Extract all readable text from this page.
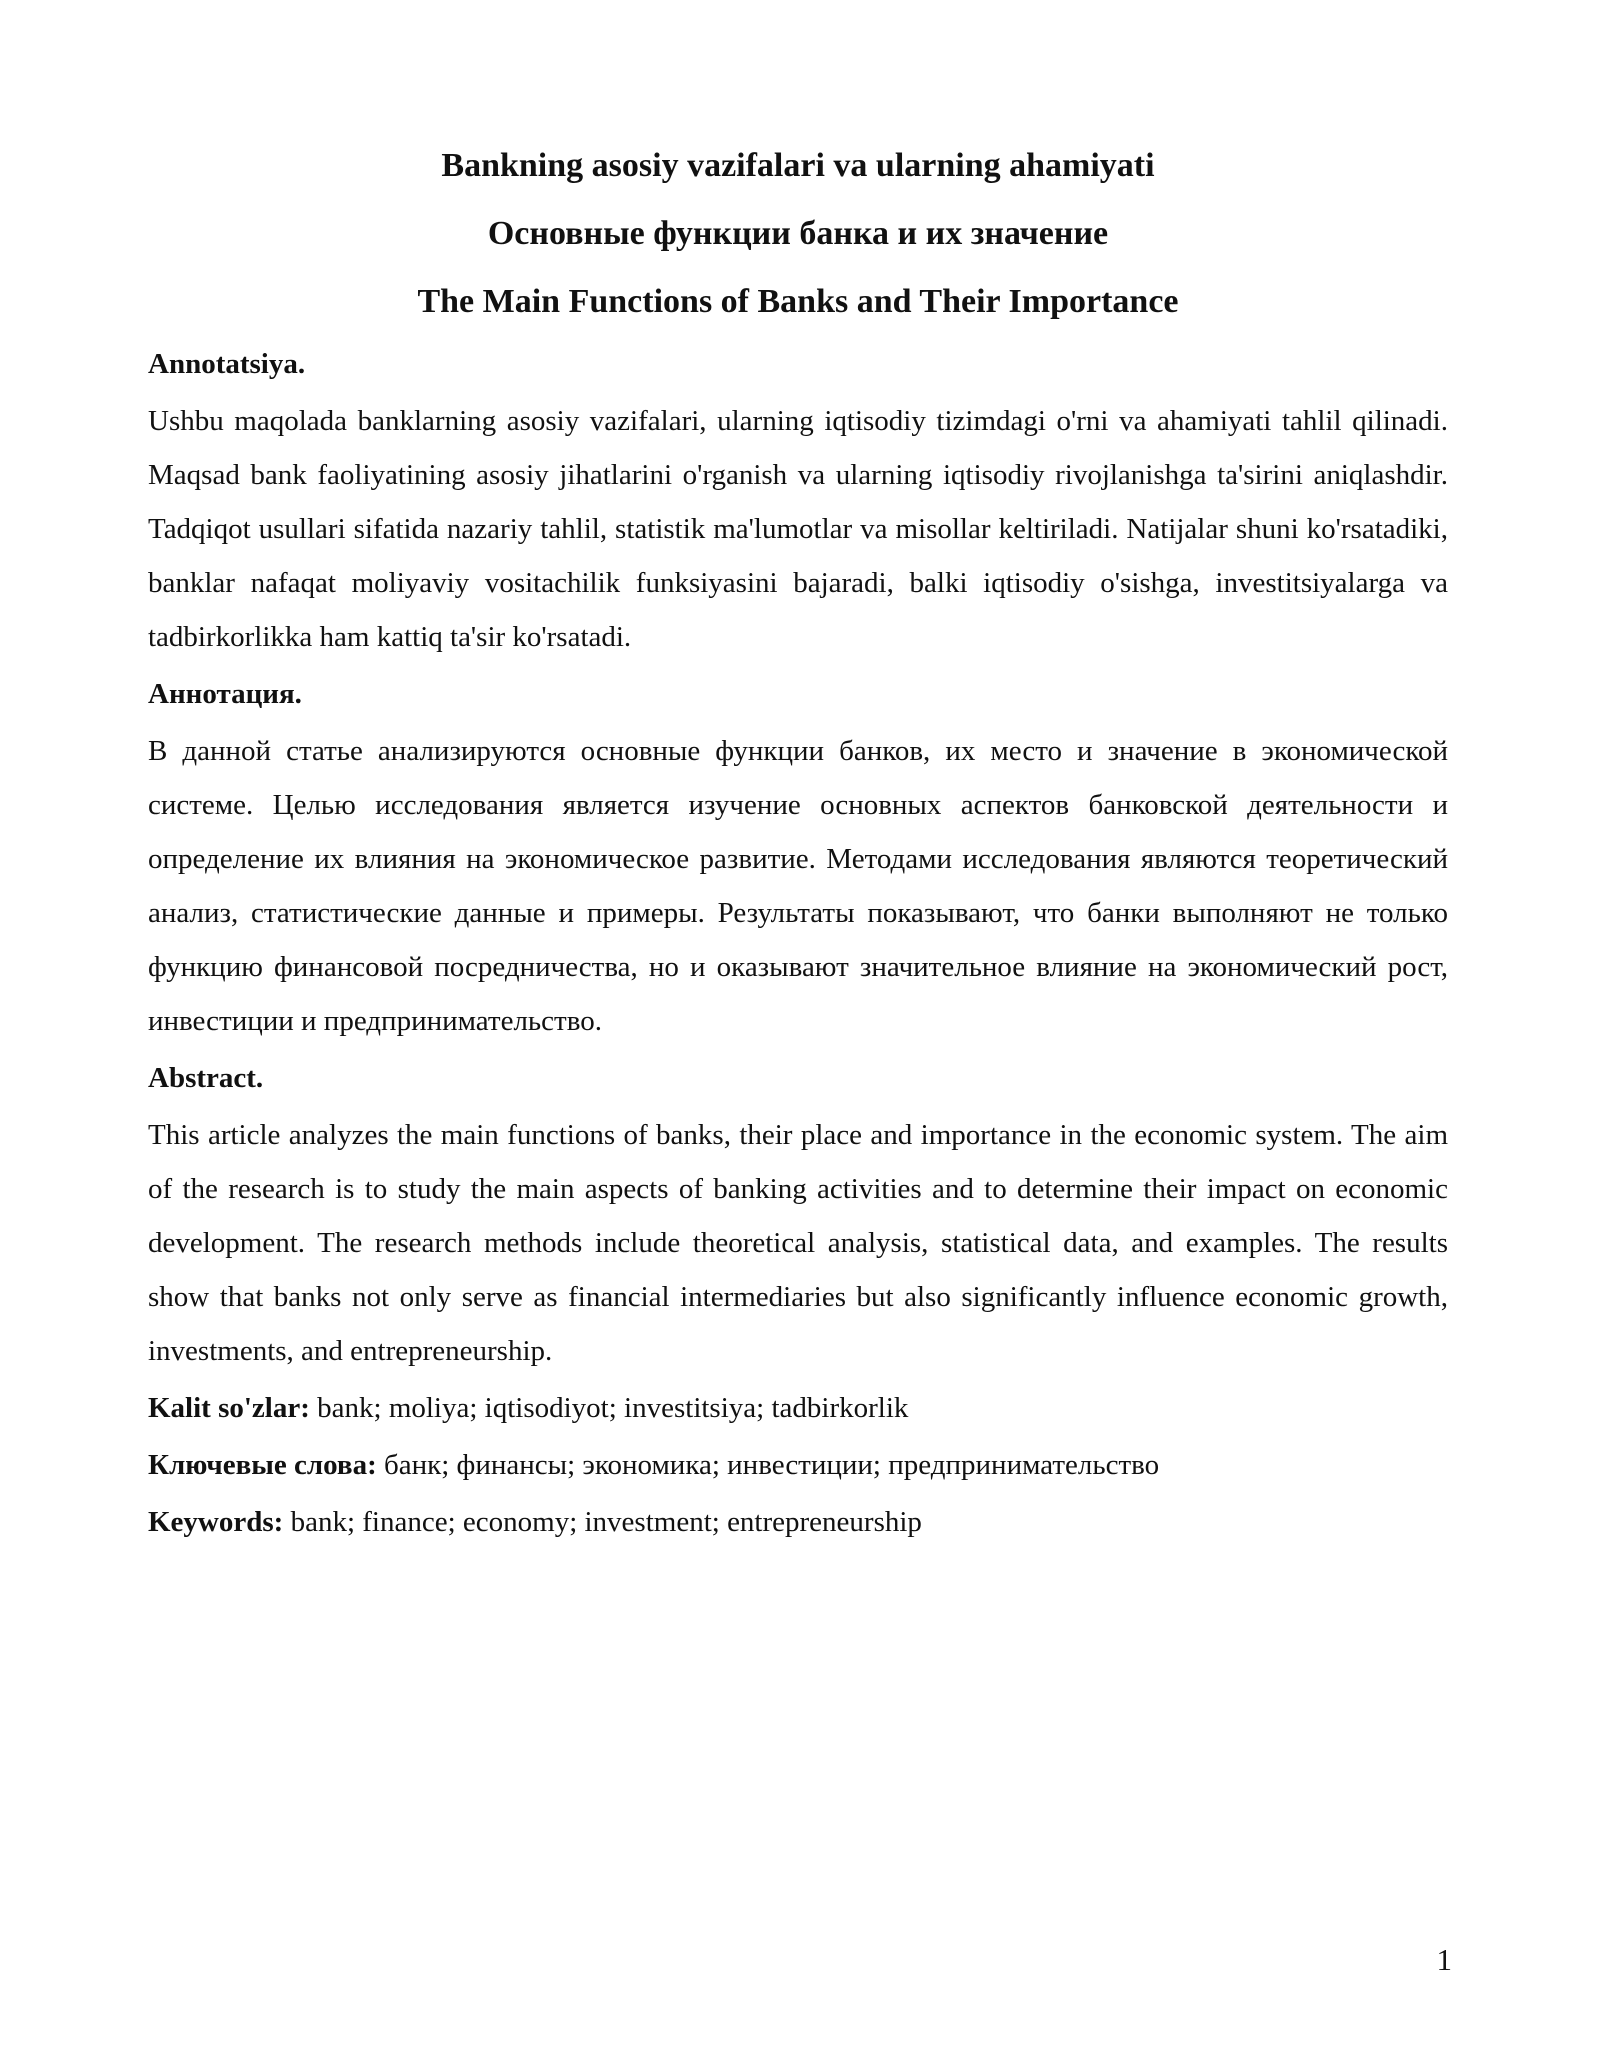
Bankning asosiy vazifalari va ularning ahamiyati
Основные функции банка и их значение
The Main Functions of Banks and Their Importance
Annotatsiya.
Ushbu maqolada banklarning asosiy vazifalari, ularning iqtisodiy tizimdagi o'rni va ahamiyati tahlil qilinadi. Maqsad bank faoliyatining asosiy jihatlarini o'rganish va ularning iqtisodiy rivojlanishga ta'sirini aniqlashdir. Tadqiqot usullari sifatida nazariy tahlil, statistik ma'lumotlar va misollar keltiriladi. Natijalar shuni ko'rsatadiki, banklar nafaqat moliyaviy vositachilik funksiyasini bajaradi, balki iqtisodiy o'sishga, investitsiyalarga va tadbirkorlikka ham kattiq ta'sir ko'rsatadi.
Аннотация.
В данной статье анализируются основные функции банков, их место и значение в экономической системе. Целью исследования является изучение основных аспектов банковской деятельности и определение их влияния на экономическое развитие. Методами исследования являются теоретический анализ, статистические данные и примеры. Результаты показывают, что банки выполняют не только функцию финансовой посредничества, но и оказывают значительное влияние на экономический рост, инвестиции и предпринимательство.
Abstract.
This article analyzes the main functions of banks, their place and importance in the economic system. The aim of the research is to study the main aspects of banking activities and to determine their impact on economic development. The research methods include theoretical analysis, statistical data, and examples. The results show that banks not only serve as financial intermediaries but also significantly influence economic growth, investments, and entrepreneurship.
Kalit so'zlar: bank; moliya; iqtisodiyot; investitsiya; tadbirkorlik
Ключевые слова: банк; финансы; экономика; инвестиции; предпринимательство
Keywords: bank; finance; economy; investment; entrepreneurship
1
